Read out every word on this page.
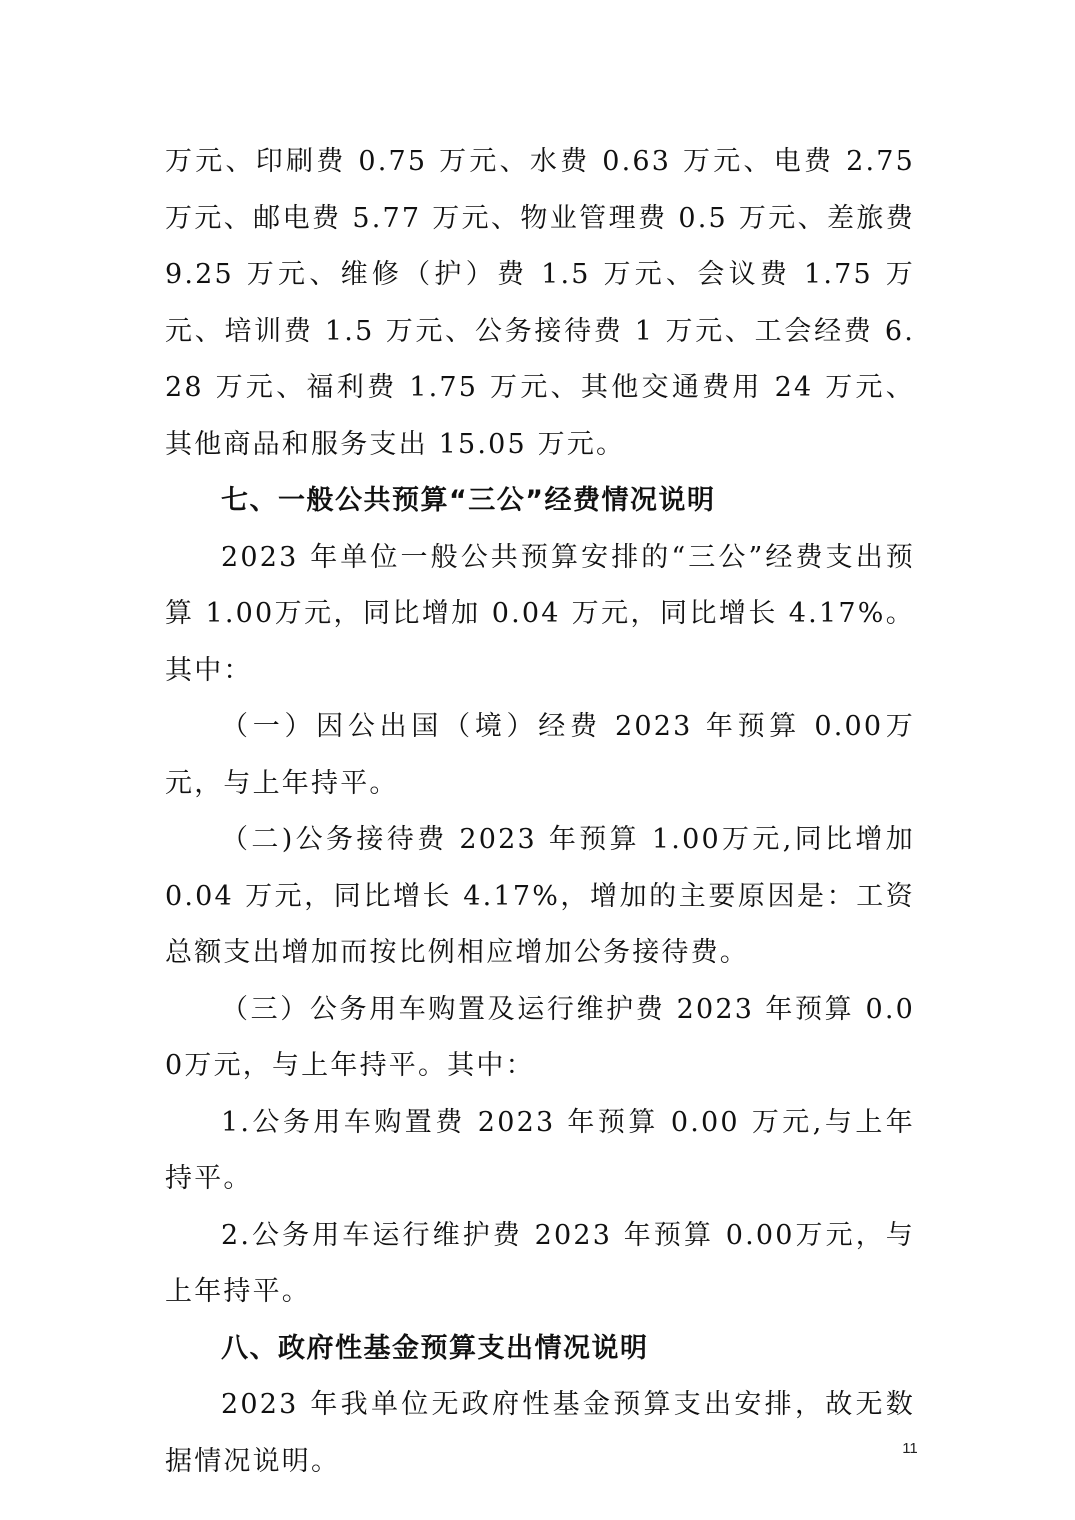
万元、印刷费 0.75 万元、水费 0.63 万元、电费 2.75 万元、邮电费 5.77 万元、物业管理费 0.5 万元、差旅费 9.25 万元、维修（护）费 1.5 万元、会议费 1.75 万元、培训费 1.5 万元、公务接待费 1 万元、工会经费 6.28 万元、福利费 1.75 万元、其他交通费用 24 万元、其他商品和服务支出 15.05 万元。

七、一般公共预算“三公”经费情况说明

2023 年单位一般公共预算安排的“三公”经费支出预算 1.00万元，同比增加 0.04 万元，同比增长 4.17%。其中：

（一）因公出国（境）经费 2023 年预算 0.00万元，与上年持平。

（二)公务接待费 2023 年预算 1.00万元,同比增加 0.04 万元，同比增长 4.17%，增加的主要原因是：工资总额支出增加而按比例相应增加公务接待费。

（三）公务用车购置及运行维护费 2023 年预算 0.00万元，与上年持平。其中：

1.公务用车购置费 2023 年预算 0.00 万元,与上年持平。

2.公务用车运行维护费 2023 年预算 0.00万元，与上年持平。

八、政府性基金预算支出情况说明

2023 年我单位无政府性基金预算支出安排，故无数据情况说明。	11
